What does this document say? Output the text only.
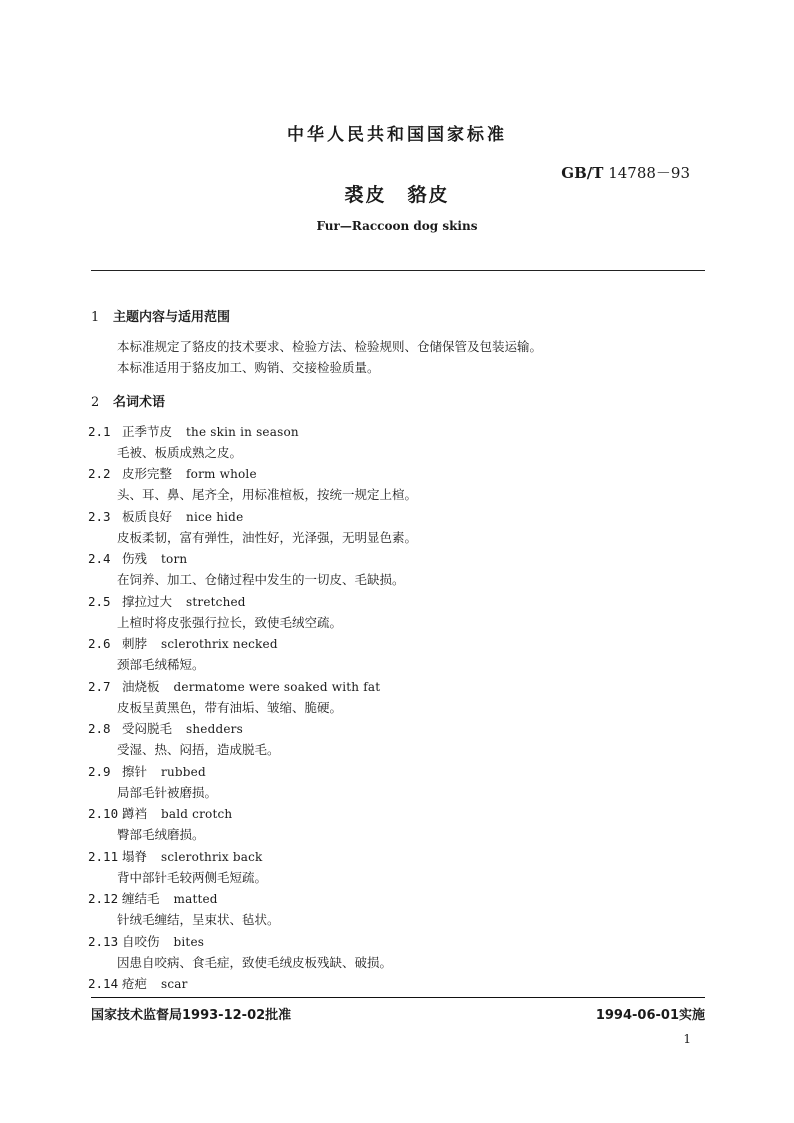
中华人民共和国国家标准
GB/T 14788－93
裘皮　貉皮
Fur—Raccoon dog skins
1 主题内容与适用范围
本标准规定了貉皮的技术要求、检验方法、检验规则、仓储保管及包装运输。
本标准适用于貉皮加工、购销、交接检验质量。
2 名词术语
2.1 正季节皮 the skin in season
毛被、板质成熟之皮。
2.2 皮形完整 form whole
头、耳、鼻、尾齐全，用标准楦板，按统一规定上楦。
2.3 板质良好 nice hide
皮板柔韧，富有弹性，油性好，光泽强，无明显色素。
2.4 伤残 torn
在饲养、加工、仓储过程中发生的一切皮、毛缺损。
2.5 撑拉过大 stretched
上楦时将皮张强行拉长，致使毛绒空疏。
2.6 刺脖 sclerothrix necked
颈部毛绒稀短。
2.7 油烧板 dermatome were soaked with fat
皮板呈黄黑色，带有油垢、皱缩、脆硬。
2.8 受闷脱毛 shedders
受湿、热、闷捂，造成脱毛。
2.9 擦针 rubbed
局部毛针被磨损。
2.10 蹲裆 bald crotch
臀部毛绒磨损。
2.11 塌脊 sclerothrix back
背中部针毛较两侧毛短疏。
2.12 缠结毛 matted
针绒毛缠结，呈束状、毡状。
2.13 自咬伤 bites
因患自咬病、食毛症，致使毛绒皮板残缺、破损。
2.14 疮疤 scar
国家技术监督局1993-12-02批准	1994-06-01实施
1
